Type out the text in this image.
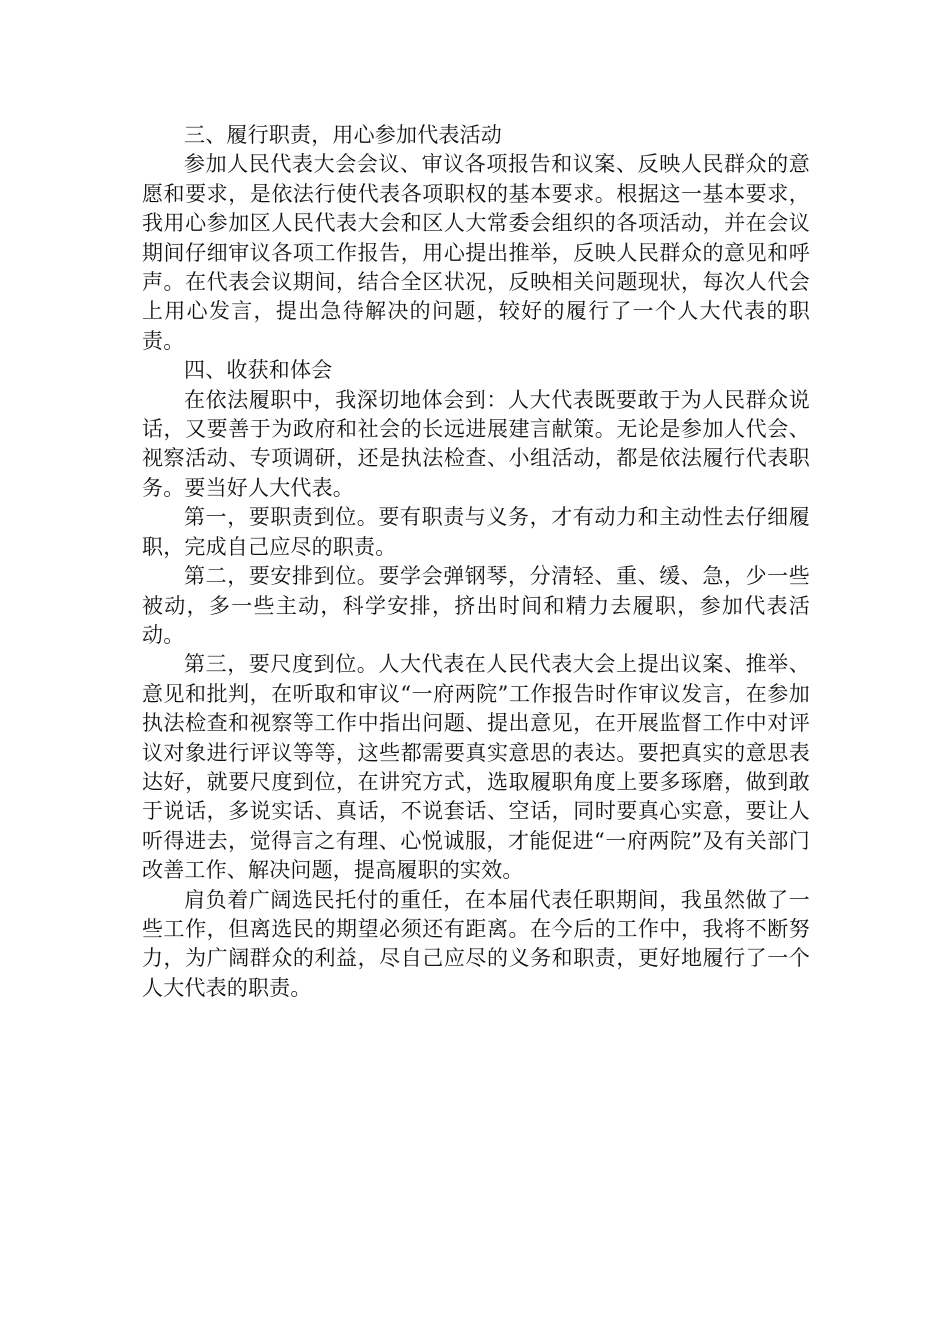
三、履行职责，用心参加代表活动

参加人民代表大会会议、审议各项报告和议案、反映人民群众的意愿和要求，是依法行使代表各项职权的基本要求。根据这一基本要求，我用心参加区人民代表大会和区人大常委会组织的各项活动，并在会议期间仔细审议各项工作报告，用心提出推举，反映人民群众的意见和呼声。在代表会议期间，结合全区状况，反映相关问题现状，每次人代会上用心发言，提出急待解决的问题，较好的履行了一个人大代表的职责。

四、收获和体会

在依法履职中，我深切地体会到：人大代表既要敢于为人民群众说话，又要善于为政府和社会的长远进展建言献策。无论是参加人代会、视察活动、专项调研，还是执法检查、小组活动，都是依法履行代表职务。要当好人大代表。

第一，要职责到位。要有职责与义务，才有动力和主动性去仔细履职，完成自己应尽的职责。

第二，要安排到位。要学会弹钢琴，分清轻、重、缓、急，少一些被动，多一些主动，科学安排，挤出时间和精力去履职，参加代表活动。

第三，要尺度到位。人大代表在人民代表大会上提出议案、推举、意见和批判，在听取和审议“一府两院”工作报告时作审议发言，在参加执法检查和视察等工作中指出问题、提出意见，在开展监督工作中对评议对象进行评议等等，这些都需要真实意思的表达。要把真实的意思表达好，就要尺度到位，在讲究方式，选取履职角度上要多琢磨，做到敢于说话，多说实话、真话，不说套话、空话，同时要真心实意，要让人听得进去，觉得言之有理、心悦诚服，才能促进“一府两院”及有关部门改善工作、解决问题，提高履职的实效。

肩负着广阔选民托付的重任，在本届代表任职期间，我虽然做了一些工作，但离选民的期望必须还有距离。在今后的工作中，我将不断努力，为广阔群众的利益，尽自己应尽的义务和职责，更好地履行了一个人大代表的职责。
